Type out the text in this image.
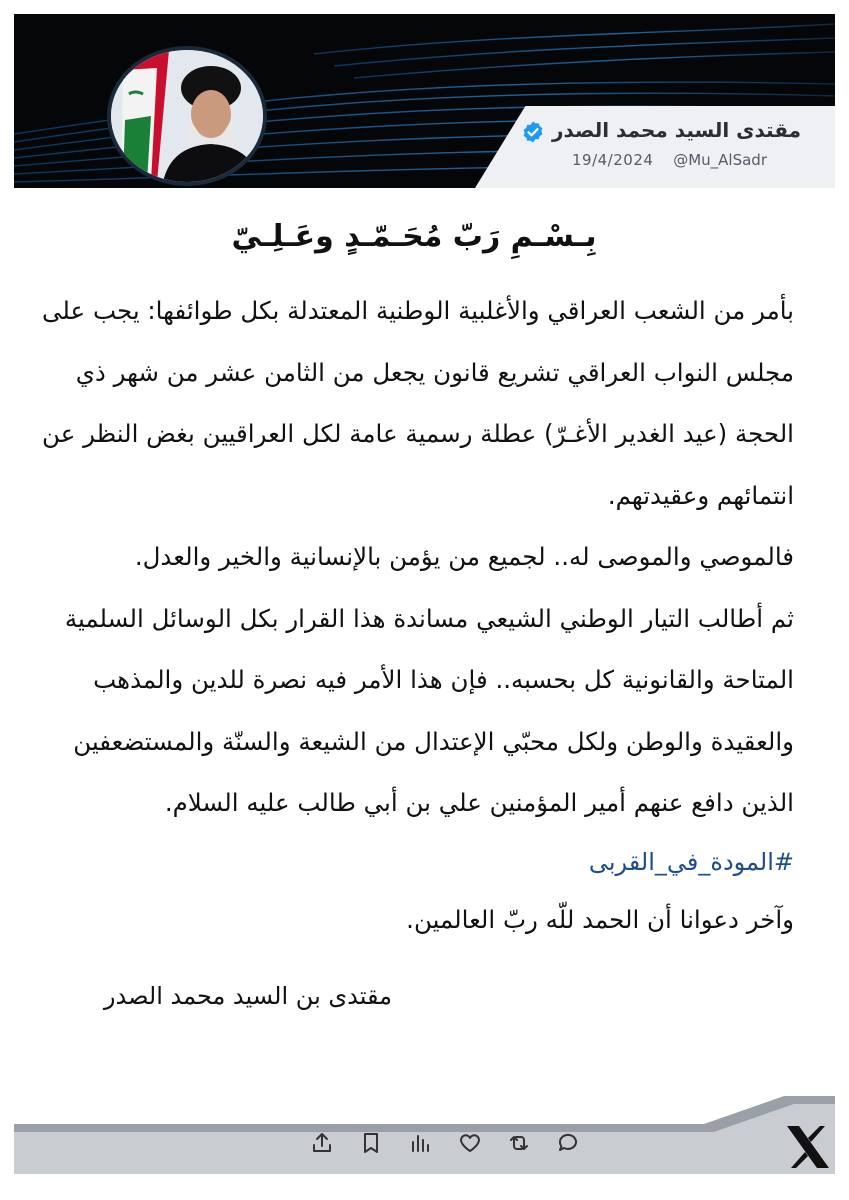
مقتدى السيد محمد الصدر
19/4/2024 @Mu_AlSadr
بِـسْـمِ رَبّ مُحَـمّـدٍ وعَـلِـيّ

بأمر من الشعب العراقي والأغلبية الوطنية المعتدلة بكل طوائفها: يجب على مجلس النواب العراقي تشريع قانون يجعل من الثامن عشر من شهر ذي الحجة (عيد الغدير الأغـرّ) عطلة رسمية عامة لكل العراقيين بغض النظر عن انتمائهم وعقيدتهم.

فالموصي والموصى له.. لجميع من يؤمن بالإنسانية والخير والعدل.

ثم أطالب التيار الوطني الشيعي مساندة هذا القرار بكل الوسائل السلمية المتاحة والقانونية كل بحسبه.. فإن هذا الأمر فيه نصرة للدين والمذهب والعقيدة والوطن ولكل محبّي الإعتدال من الشيعة والسنّة والمستضعفين الذين دافع عنهم أمير المؤمنين علي بن أبي طالب عليه السلام.

#المودة_في_القربى

وآخر دعوانا أن الحمد للّه ربّ العالمين.

مقتدى بن السيد محمد الصدر
